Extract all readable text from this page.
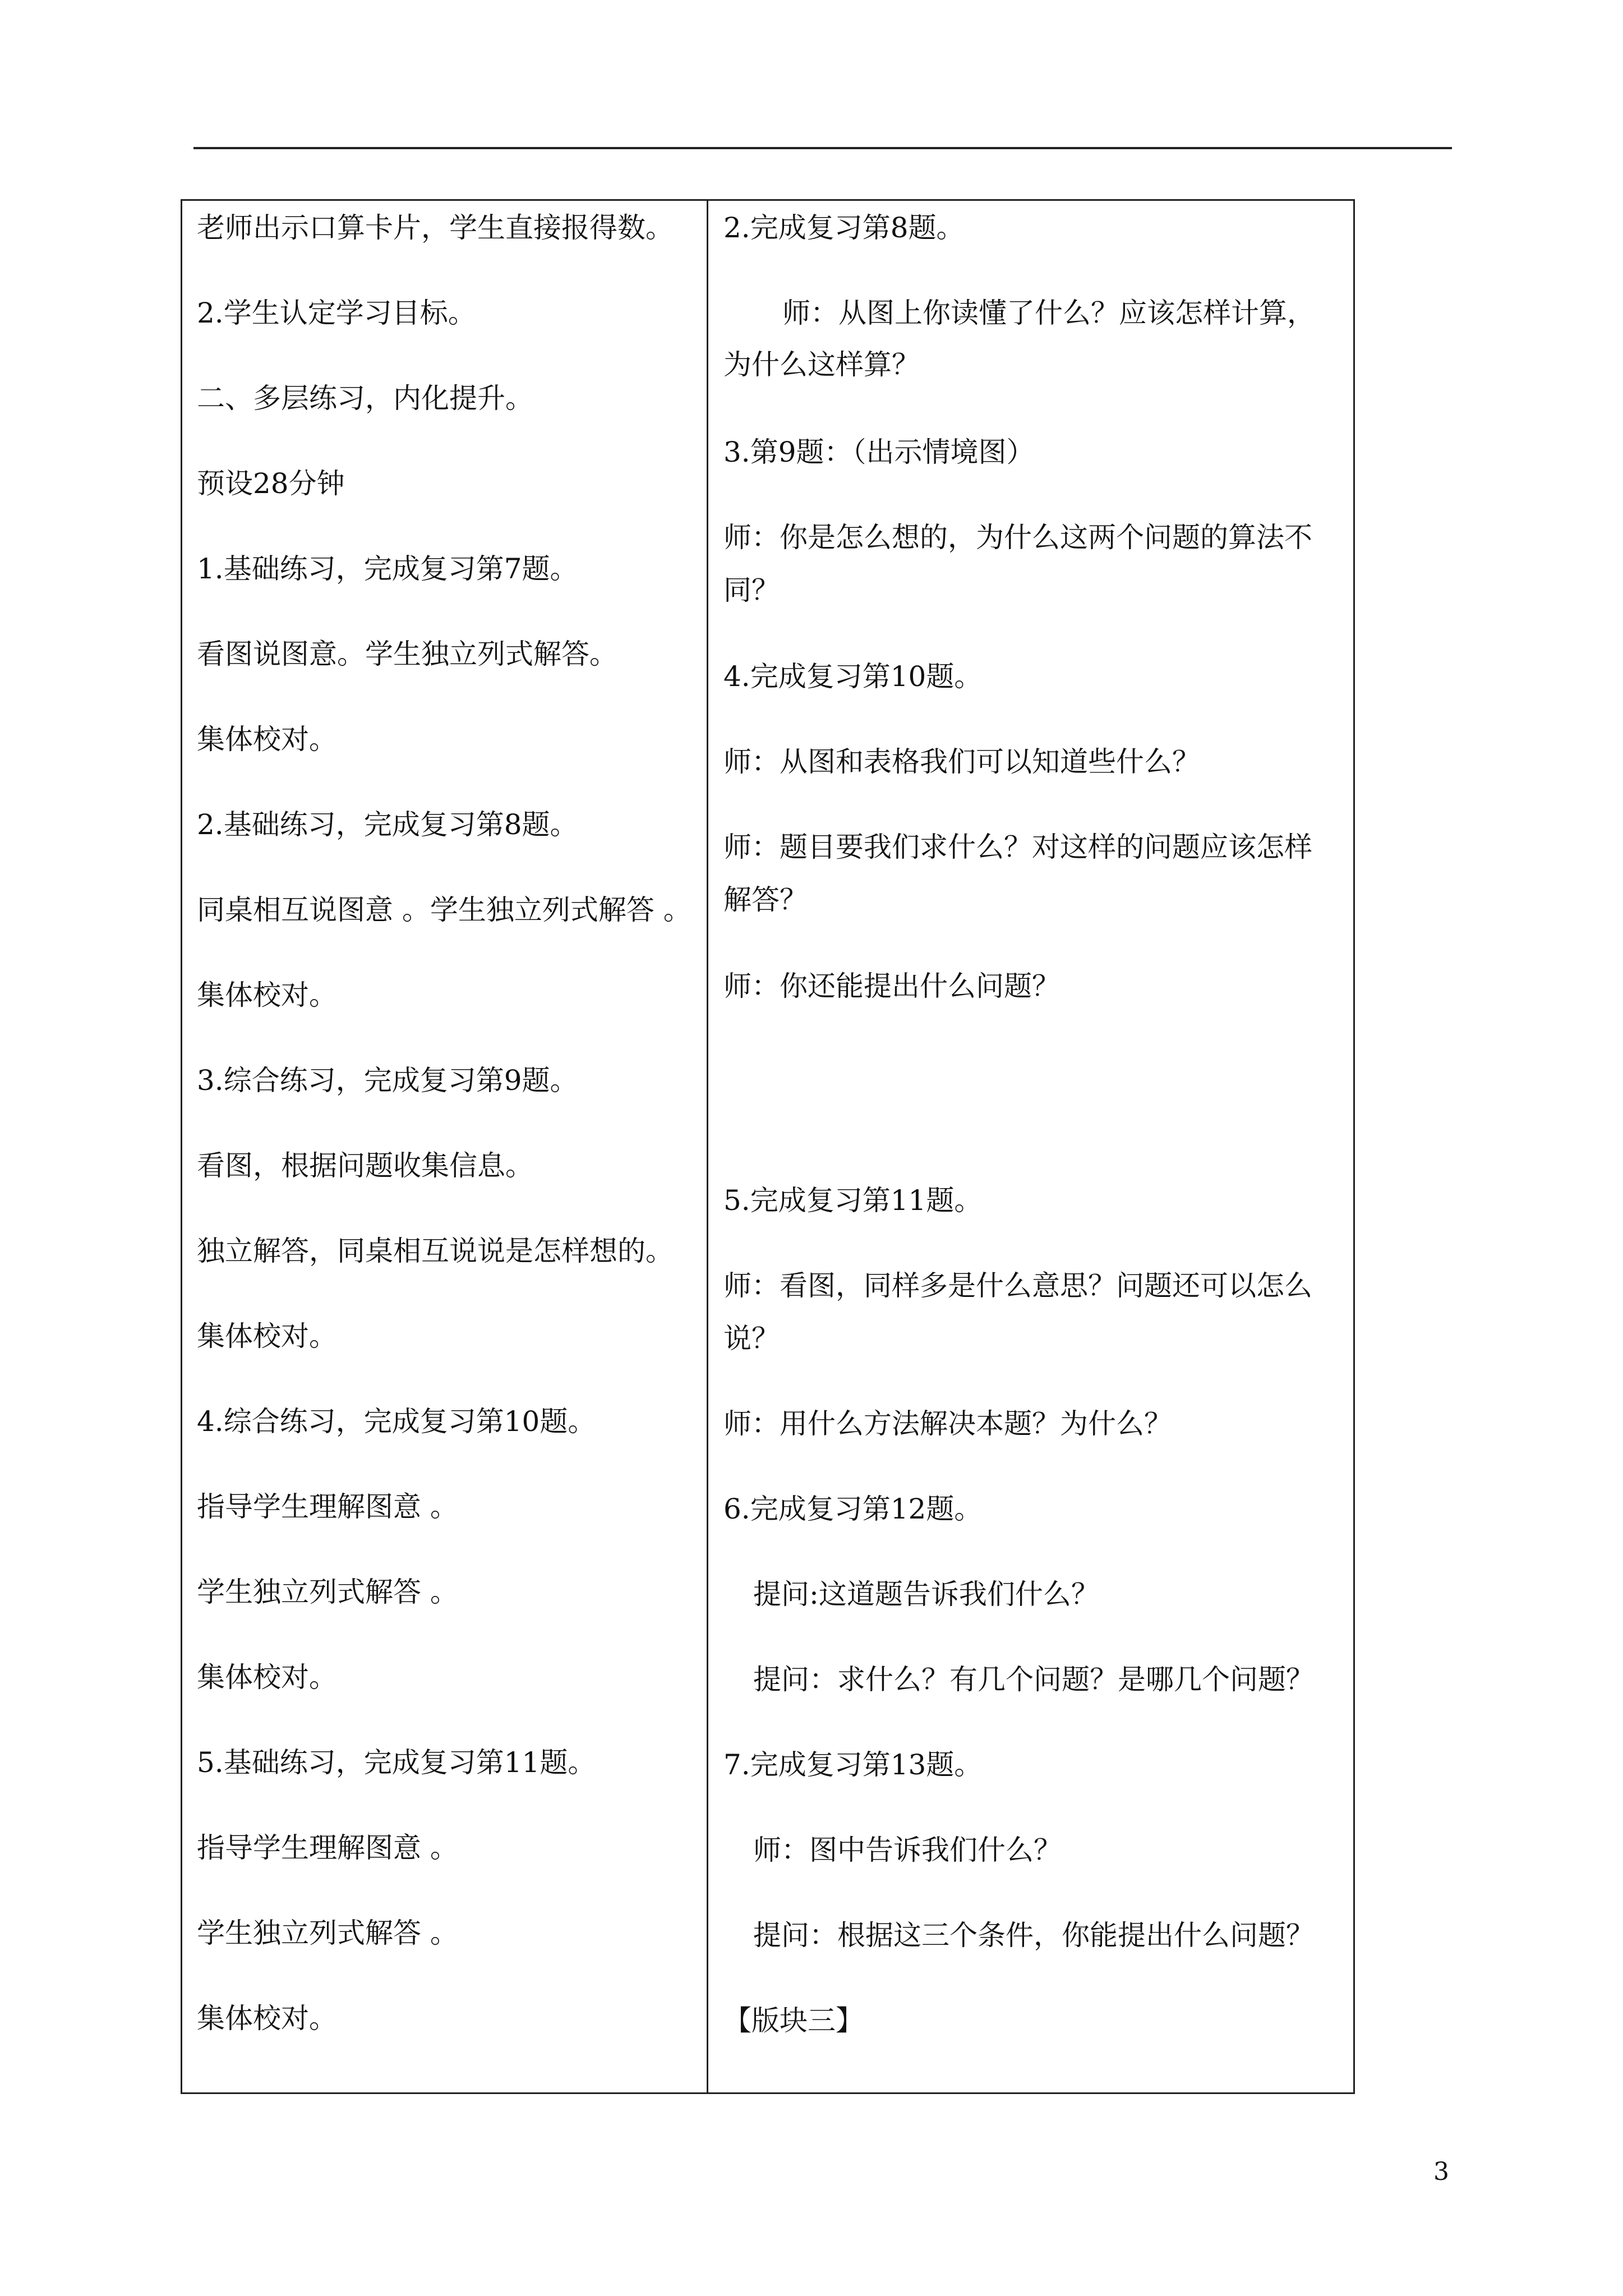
老师出示口算卡片，学生直接报得数。
2.学生认定学习目标。
二、多层练习，内化提升。
预设28分钟
1.基础练习，完成复习第7题。
看图说图意。学生独立列式解答。
集体校对。
2.基础练习，完成复习第8题。
同桌相互说图意 。学生独立列式解答 。
集体校对。
3.综合练习，完成复习第9题。
看图，根据问题收集信息。
独立解答，同桌相互说说是怎样想的。
集体校对。
4.综合练习，完成复习第10题。
指导学生理解图意 。
学生独立列式解答 。
集体校对。
5.基础练习，完成复习第11题。
指导学生理解图意 。
学生独立列式解答 。
集体校对。
2.完成复习第8题。
师：从图上你读懂了什么？应该怎样计算，
为什么这样算？
3.第9题：（出示情境图）
师：你是怎么想的，为什么这两个问题的算法不
同？
4.完成复习第10题。
师：从图和表格我们可以知道些什么？
师：题目要我们求什么？对这样的问题应该怎样
解答？
师：你还能提出什么问题？
5.完成复习第11题。
师：看图，同样多是什么意思？问题还可以怎么
说？
师：用什么方法解决本题？为什么？
6.完成复习第12题。
提问:这道题告诉我们什么？
提问：求什么？有几个问题？是哪几个问题？
7.完成复习第13题。
师：图中告诉我们什么？
提问：根据这三个条件，你能提出什么问题？
【版块三】
3
